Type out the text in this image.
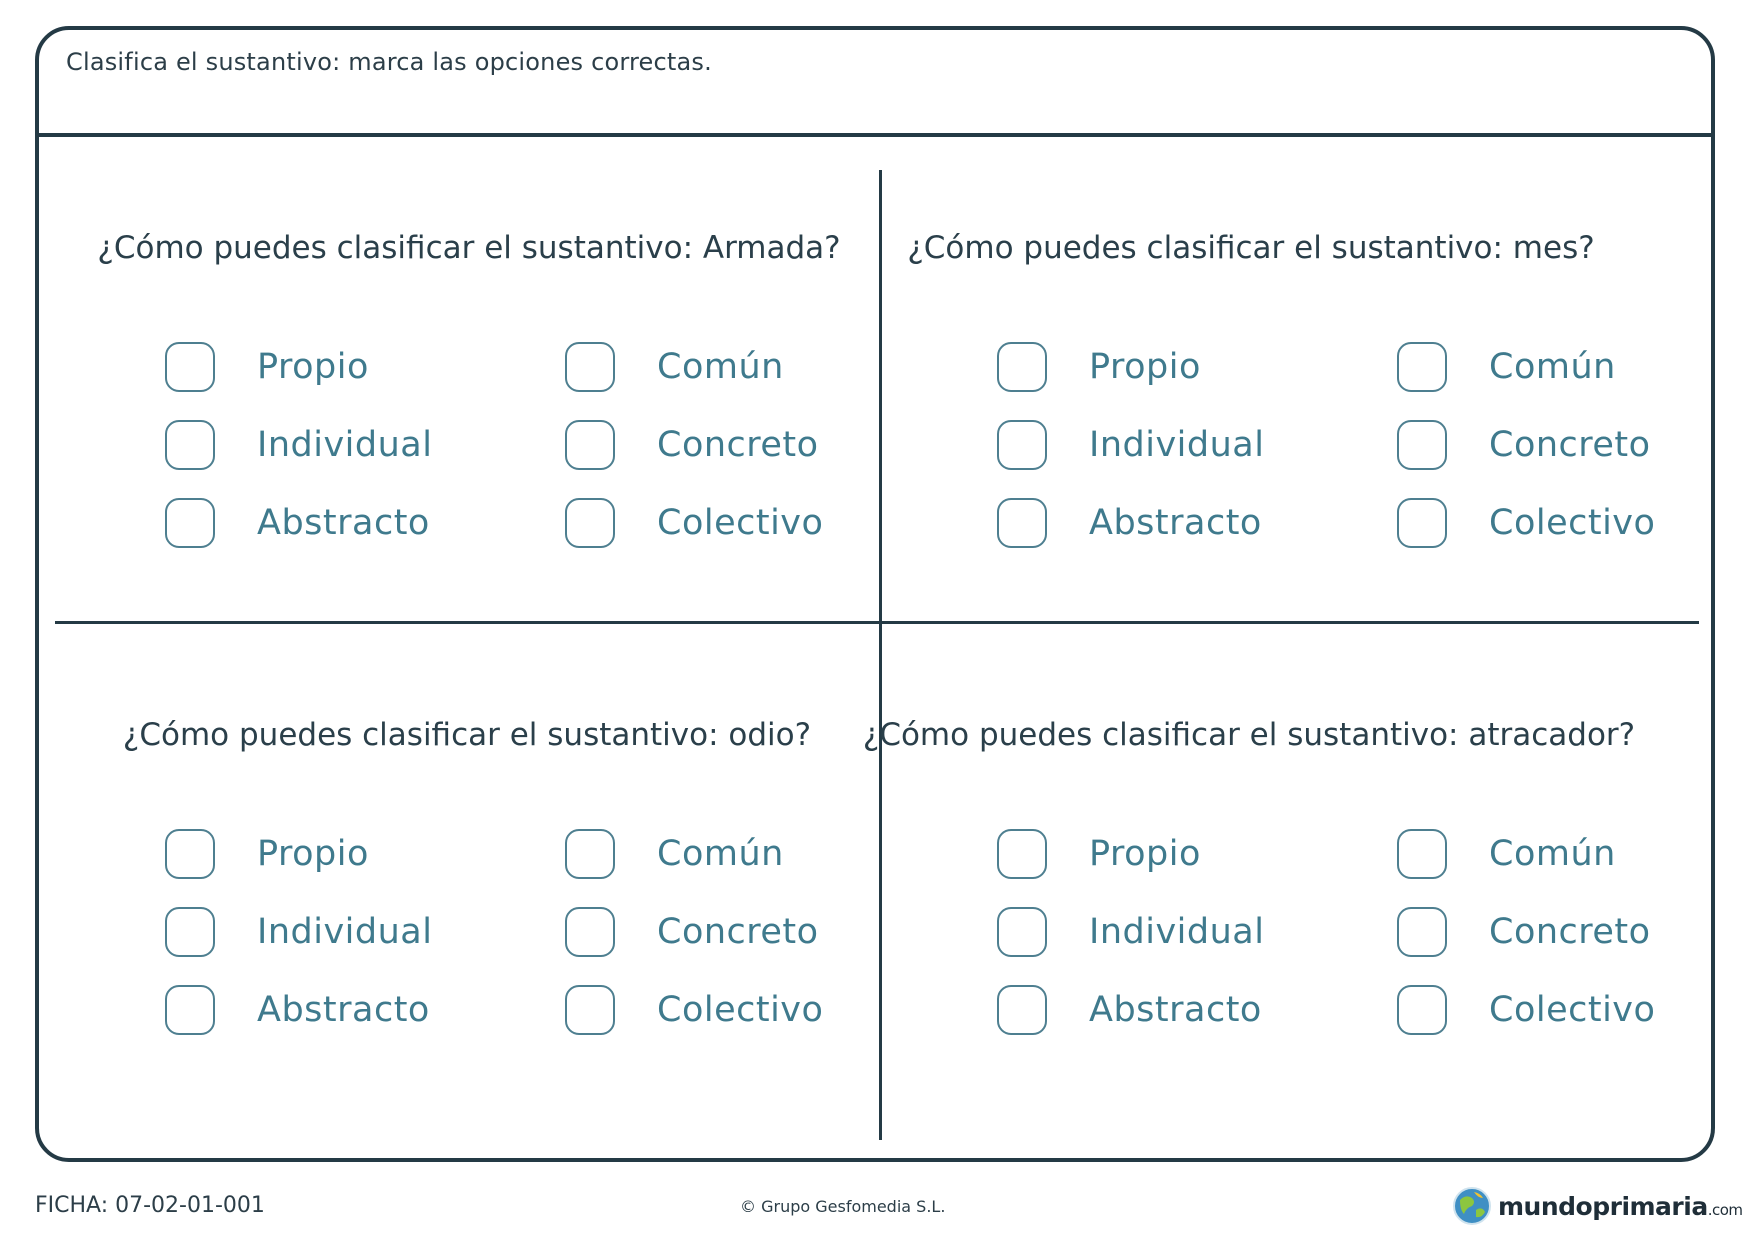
Clasifica el sustantivo: marca las opciones correctas.
¿Cómo puedes clasificar el sustantivo: Armada?
Propio	Común
Individual	Concreto
Abstracto	Colectivo
¿Cómo puedes clasificar el sustantivo: mes?
Propio	Común
Individual	Concreto
Abstracto	Colectivo
¿Cómo puedes clasificar el sustantivo: odio?
Propio	Común
Individual	Concreto
Abstracto	Colectivo
¿Cómo puedes clasificar el sustantivo: atracador?
Propio	Común
Individual	Concreto
Abstracto	Colectivo
FICHA: 07-02-01-001	© Grupo Gesfomedia S.L.	mundoprimaria.com
